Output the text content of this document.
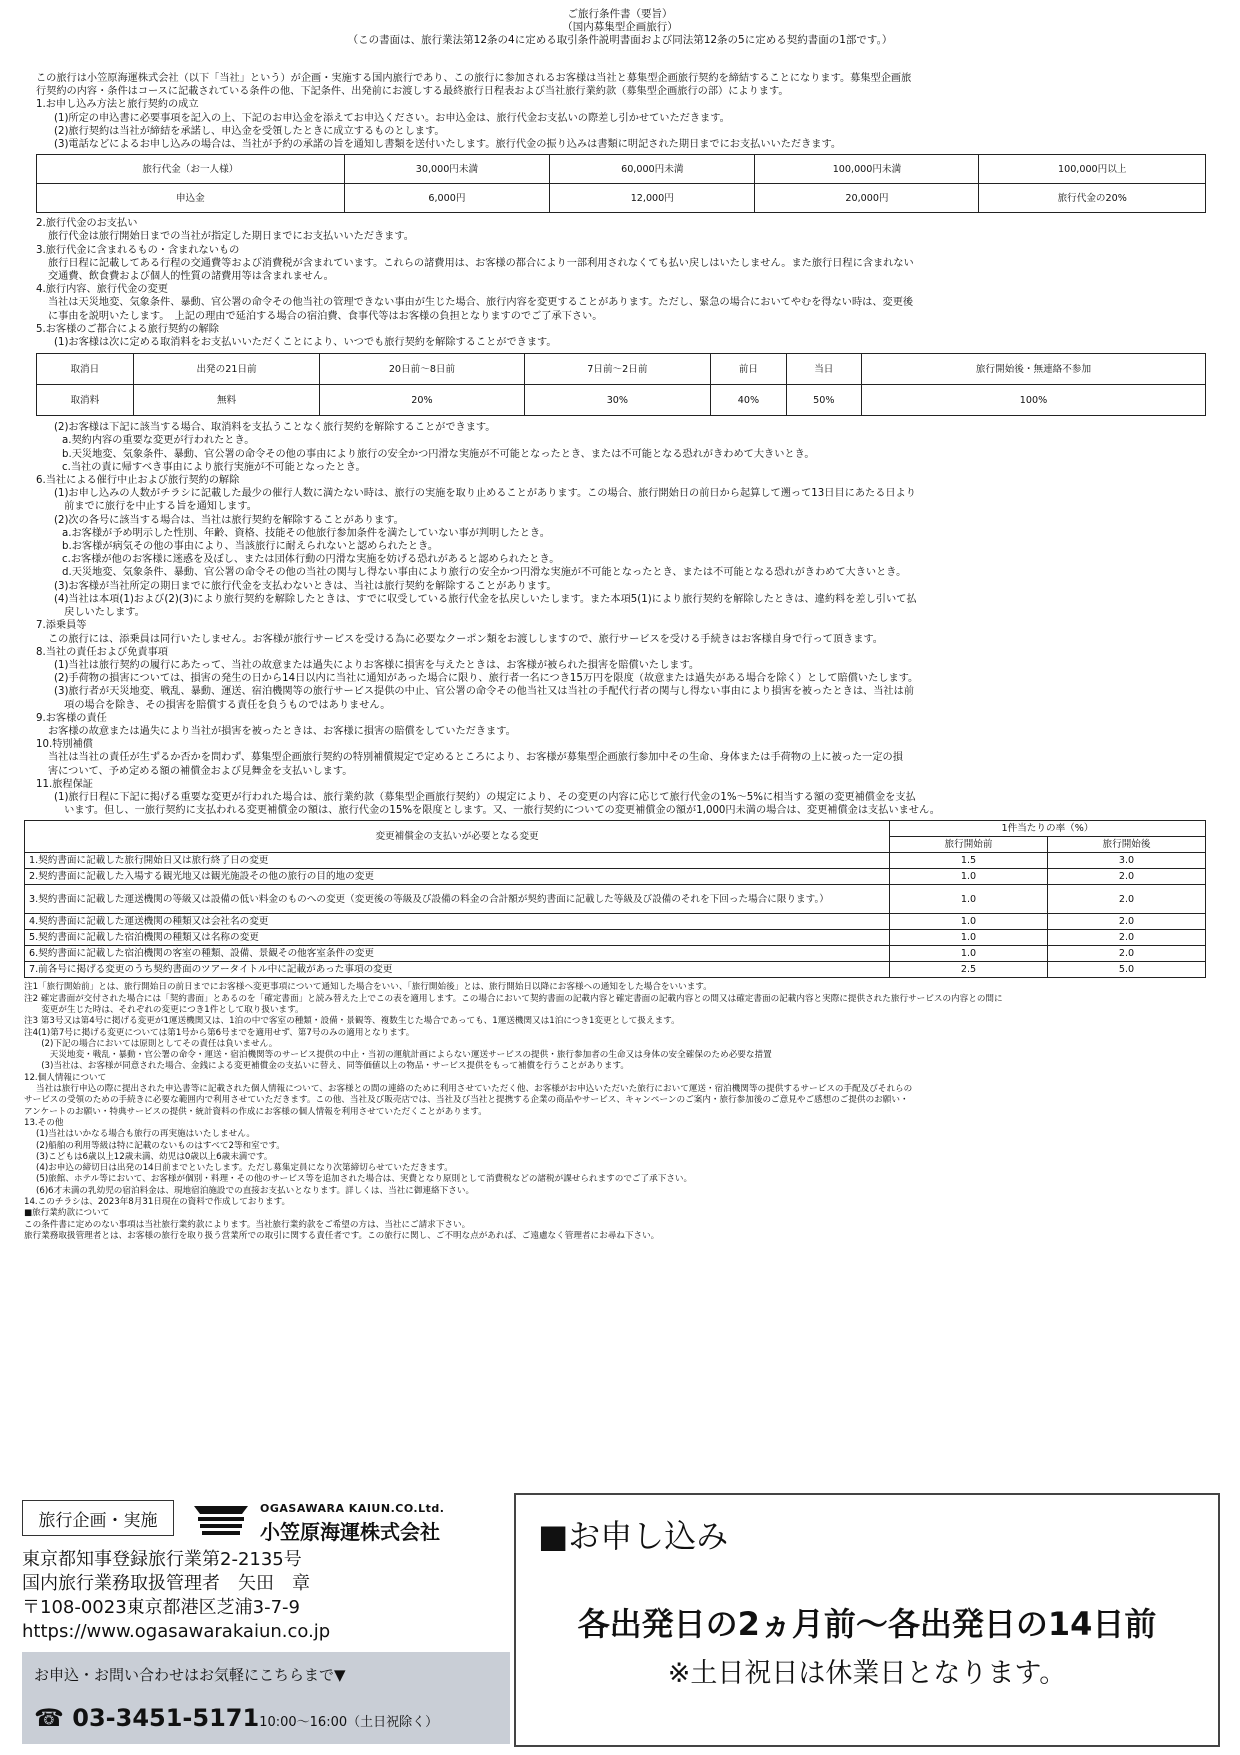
ご旅行条件書（要旨）
（国内募集型企画旅行）
（この書面は、旅行業法第12条の4に定める取引条件説明書面および同法第12条の5に定める契約書面の1部です。）

この旅行は小笠原海運株式会社（以下「当社」という）が企画・実施する国内旅行であり、この旅行に参加されるお客様は当社と募集型企画旅行契約を締結することになります。募集型企画旅

行契約の内容・条件はコースに記載されている条件の他、下記条件、出発前にお渡しする最終旅行日程表および当社旅行業約款（募集型企画旅行の部）によります。

1.お申し込み方法と旅行契約の成立

(1)所定の申込書に必要事項を記入の上、下記のお申込金を添えてお申込ください。お申込金は、旅行代金お支払いの際差し引かせていただきます。

(2)旅行契約は当社が締結を承諾し、申込金を受領したときに成立するものとします。

(3)電話などによるお申し込みの場合は、当社が予約の承諾の旨を通知し書類を送付いたします。旅行代金の振り込みは書類に明記された期日までにお支払いいただきます。

旅行代金（お一人様）	30,000円未満	60,000円未満	100,000円未満	100,000円以上
申込金	6,000円	12,000円	20,000円	旅行代金の20%

2.旅行代金のお支払い

旅行代金は旅行開始日までの当社が指定した期日までにお支払いいただきます。

3.旅行代金に含まれるもの・含まれないもの

旅行日程に記載してある行程の交通費等および消費税が含まれています。これらの諸費用は、お客様の都合により一部利用されなくても払い戻しはいたしません。また旅行日程に含まれない

交通費、飲食費および個人的性質の諸費用等は含まれません。

4.旅行内容、旅行代金の変更

当社は天災地変、気象条件、暴動、官公署の命令その他当社の管理できない事由が生じた場合、旅行内容を変更することがあります。ただし、緊急の場合においてやむを得ない時は、変更後

に事由を説明いたします。　上記の理由で延泊する場合の宿泊費、食事代等はお客様の負担となりますのでご了承下さい。

5.お客様のご都合による旅行契約の解除

(1)お客様は次に定める取消料をお支払いいただくことにより、いつでも旅行契約を解除することができます。

取消日	出発の21日前	20日前～8日前	7日前～2日前	前日	当日	旅行開始後・無連絡不参加
取消料	無料	20%	30%	40%	50%	100%

(2)お客様は下記に該当する場合、取消料を支払うことなく旅行契約を解除することができます。

a.契約内容の重要な変更が行われたとき。

b.天災地変、気象条件、暴動、官公署の命令その他の事由により旅行の安全かつ円滑な実施が不可能となったとき、または不可能となる恐れがきわめて大きいとき。

c.当社の責に帰すべき事由により旅行実施が不可能となったとき。

6.当社による催行中止および旅行契約の解除

(1)お申し込みの人数がチラシに記載した最少の催行人数に満たない時は、旅行の実施を取り止めることがあります。この場合、旅行開始日の前日から起算して遡って13日目にあたる日より

　前までに旅行を中止する旨を通知します。

(2)次の各号に該当する場合は、当社は旅行契約を解除することがあります。

a.お客様が予め明示した性別、年齢、資格、技能その他旅行参加条件を満たしていない事が判明したとき。

b.お客様が病気その他の事由により、当該旅行に耐えられないと認められたとき。

c.お客様が他のお客様に迷惑を及ぼし、または団体行動の円滑な実施を妨げる恐れがあると認められたとき。

d.天災地変、気象条件、暴動、官公署の命令その他の当社の関与し得ない事由により旅行の安全かつ円滑な実施が不可能となったとき、または不可能となる恐れがきわめて大きいとき。

(3)お客様が当社所定の期日までに旅行代金を支払わないときは、当社は旅行契約を解除することがあります。

(4)当社は本項(1)および(2)(3)により旅行契約を解除したときは、すでに収受している旅行代金を払戻しいたします。また本項5(1)により旅行契約を解除したときは、違約料を差し引いて払

　戻しいたします。

7.添乗員等

この旅行には、添乗員は同行いたしません。お客様が旅行サービスを受ける為に必要なクーポン類をお渡ししますので、旅行サービスを受ける手続きはお客様自身で行って頂きます。

8.当社の責任および免責事項

(1)当社は旅行契約の履行にあたって、当社の故意または過失によりお客様に損害を与えたときは、お客様が被られた損害を賠償いたします。

(2)手荷物の損害については、損害の発生の日から14日以内に当社に通知があった場合に限り、旅行者一名につき15万円を限度（故意または過失がある場合を除く）として賠償いたします。

(3)旅行者が天災地変、戦乱、暴動、運送、宿泊機関等の旅行サービス提供の中止、官公署の命令その他当社又は当社の手配代行者の関与し得ない事由により損害を被ったときは、当社は前

　項の場合を除き、その損害を賠償する責任を負うものではありません。

9.お客様の責任

お客様の故意または過失により当社が損害を被ったときは、お客様に損害の賠償をしていただきます。

10.特別補償

当社は当社の責任が生ずるか否かを問わず、募集型企画旅行契約の特別補償規定で定めるところにより、お客様が募集型企画旅行参加中その生命、身体または手荷物の上に被った一定の損

害について、予め定める額の補償金および見舞金を支払いします。

11.旅程保証

(1)旅行日程に下記に掲げる重要な変更が行われた場合は、旅行業約款（募集型企画旅行契約）の規定により、その変更の内容に応じて旅行代金の1%～5%に相当する額の変更補償金を支払

　います。但し、一旅行契約に支払われる変更補償金の額は、旅行代金の15%を限度とします。又、一旅行契約についての変更補償金の額が1,000円未満の場合は、変更補償金は支払いません。

変更補償金の支払いが必要となる変更	1件当たりの率（%）	
	旅行開始前	旅行開始後
1.契約書面に記載した旅行開始日又は旅行終了日の変更	1.5	3.0
2.契約書面に記載した入場する観光地又は観光施設その他の旅行の目的地の変更	1.0	2.0
3.契約書面に記載した運送機関の等級又は設備の低い料金のものへの変更（変更後の等級及び設備の料金の合計額が契約書面に記載した等級及び設備のそれを下回った場合に限ります。）	1.0	2.0
4.契約書面に記載した運送機関の種類又は会社名の変更	1.0	2.0
5.契約書面に記載した宿泊機関の種類又は名称の変更	1.0	2.0
6.契約書面に記載した宿泊機関の客室の種類、設備、景観その他客室条件の変更	1.0	2.0
7.前各号に掲げる変更のうち契約書面のツアータイトル中に記載があった事項の変更	2.5	5.0

注1「旅行開始前」とは、旅行開始日の前日までにお客様へ変更事項について通知した場合をいい、「旅行開始後」とは、旅行開始日以降にお客様への通知をした場合をいいます。

注2 確定書面が交付された場合には「契約書面」とあるのを「確定書面」と読み替えた上でこの表を適用します。この場合において契約書面の記載内容と確定書面の記載内容との間又は確定書面の記載内容と実際に提供された旅行サービスの内容との間に

　　変更が生じた時は、それぞれの変更につき1件として取り扱います。

注3 第3号又は第4号に掲げる変更が1運送機関又は、1泊の中で客室の種類・設備・景観等、複数生じた場合であっても、1運送機関又は1泊につき1変更として扱えます。

注4(1)第7号に掲げる変更については第1号から第6号までを適用せず、第7号のみの適用となります。

　　(2)下記の場合においては原則としてその責任は負いません。

　　　天災地変・戦乱・暴動・官公署の命令・運送・宿泊機関等のサービス提供の中止・当初の運航計画によらない運送サービスの提供・旅行参加者の生命又は身体の安全確保のため必要な措置

　　(3)当社は、お客様が同意された場合、金銭による変更補償金の支払いに替え、同等価値以上の物品・サービス提供をもって補償を行うことがあります。

12.個人情報について

当社は旅行申込の際に提出された申込書等に記載された個人情報について、お客様との間の連絡のために利用させていただく他、お客様がお申込いただいた旅行において運送・宿泊機関等の提供するサービスの手配及びそれらの

サービスの受領のための手続きに必要な範囲内で利用させていただきます。この他、当社及び販売店では、当社及び当社と提携する企業の商品やサービス、キャンペーンのご案内・旅行参加後のご意見やご感想のご提供のお願い・

アンケートのお願い・特典サービスの提供・統計資料の作成にお客様の個人情報を利用させていただくことがあります。

13.その他

(1)当社はいかなる場合も旅行の再実施はいたしません。

(2)船舶の利用等級は特に記載のないものはすべて2等和室です。

(3)こどもは6歳以上12歳未満、幼児は0歳以上6歳未満です。

(4)お申込の締切日は出発の14日前までといたします。ただし募集定員になり次第締切らせていただきます。

(5)旅館、ホテル等において、お客様が個別・料理・その他のサービス等を追加された場合は、実費となり原則として消費税などの諸税が課せられますのでご了承下さい。

(6)6才未満の乳幼児の宿泊料金は、現地宿泊施設での直接お支払いとなります。詳しくは、当社に御連絡下さい。

14.このチラシは、2023年8月31日現在の資料で作成しております。

■旅行業約款について

この条件書に定めのない事項は当社旅行業約款によります。当社旅行業約款をご希望の方は、当社にご請求下さい。

旅行業務取扱管理者とは、お客様の旅行を取り扱う営業所での取引に関する責任者です。この旅行に関し、ご不明な点があれば、ご遠慮なく管理者にお尋ね下さい。

旅行企画・実施
OGASAWARA KAIUN.CO.Ltd.
小笠原海運株式会社
東京都知事登録旅行業第2-2135号
国内旅行業務取扱管理者　矢田　章
〒108-0023東京都港区芝浦3-7-9
https://www.ogasawarakaiun.co.jp
お申込・お問い合わせはお気軽にこちらまで▼
☎ 03-3451-517110:00～16:00（土日祝除く）
■お申し込み
各出発日の2ヵ月前～各出発日の14日前
※土日祝日は休業日となります。
